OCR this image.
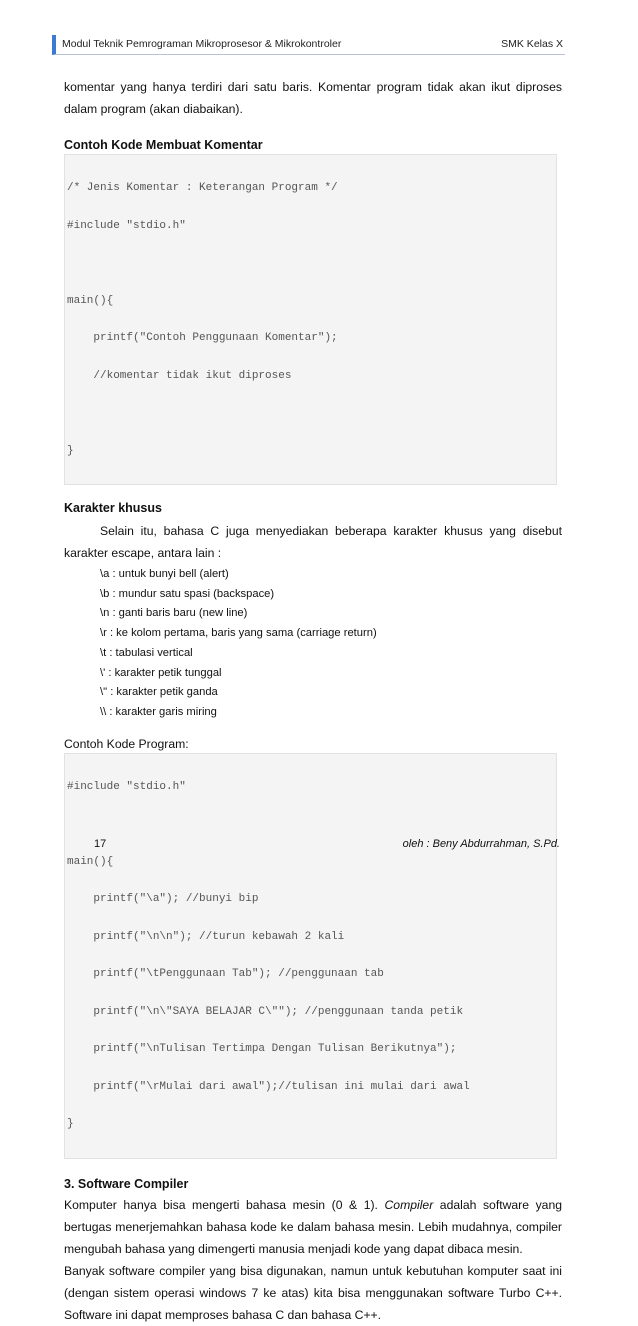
Modul Teknik Pemrograman Mikroprosesor & Mikrokontroler	SMK Kelas X

komentar yang hanya terdiri dari satu baris. Komentar program tidak akan ikut diproses dalam program (akan diabaikan).

Contoh Kode Membuat Komentar

/* Jenis Komentar : Keterangan Program */

#include "stdio.h"

main(){

printf("Contoh Penggunaan Komentar");

//komentar tidak ikut diproses

}

Karakter khusus

Selain itu, bahasa C juga menyediakan beberapa karakter khusus yang disebut karakter escape, antara lain :

\a : untuk bunyi bell (alert)
\b : mundur satu spasi (backspace)
\n : ganti baris baru (new line)
\r : ke kolom pertama, baris yang sama (carriage return)
\t : tabulasi vertical
\' : karakter petik tunggal
\" : karakter petik ganda
\\ : karakter garis miring

Contoh Kode Program:

#include "stdio.h"

main(){

printf("\a"); //bunyi bip

printf("\n\n"); //turun kebawah 2 kali

printf("\tPenggunaan Tab"); //penggunaan tab

printf("\n\"SAYA BELAJAR C\""); //penggunaan tanda petik

printf("\nTulisan Tertimpa Dengan Tulisan Berikutnya");

printf("\rMulai dari awal");//tulisan ini mulai dari awal

}

3. Software Compiler

Komputer hanya bisa mengerti bahasa mesin (0 & 1). Compiler adalah software yang bertugas menerjemahkan bahasa kode ke dalam bahasa mesin. Lebih mudahnya, compiler mengubah bahasa yang dimengerti manusia menjadi kode yang dapat dibaca mesin.

Banyak software compiler yang bisa digunakan, namun untuk kebutuhan komputer saat ini (dengan sistem operasi windows 7 ke atas) kita bisa menggunakan software Turbo C++. Software ini dapat memproses bahasa C dan bahasa C++.

17	oleh : Beny Abdurrahman, S.Pd.
